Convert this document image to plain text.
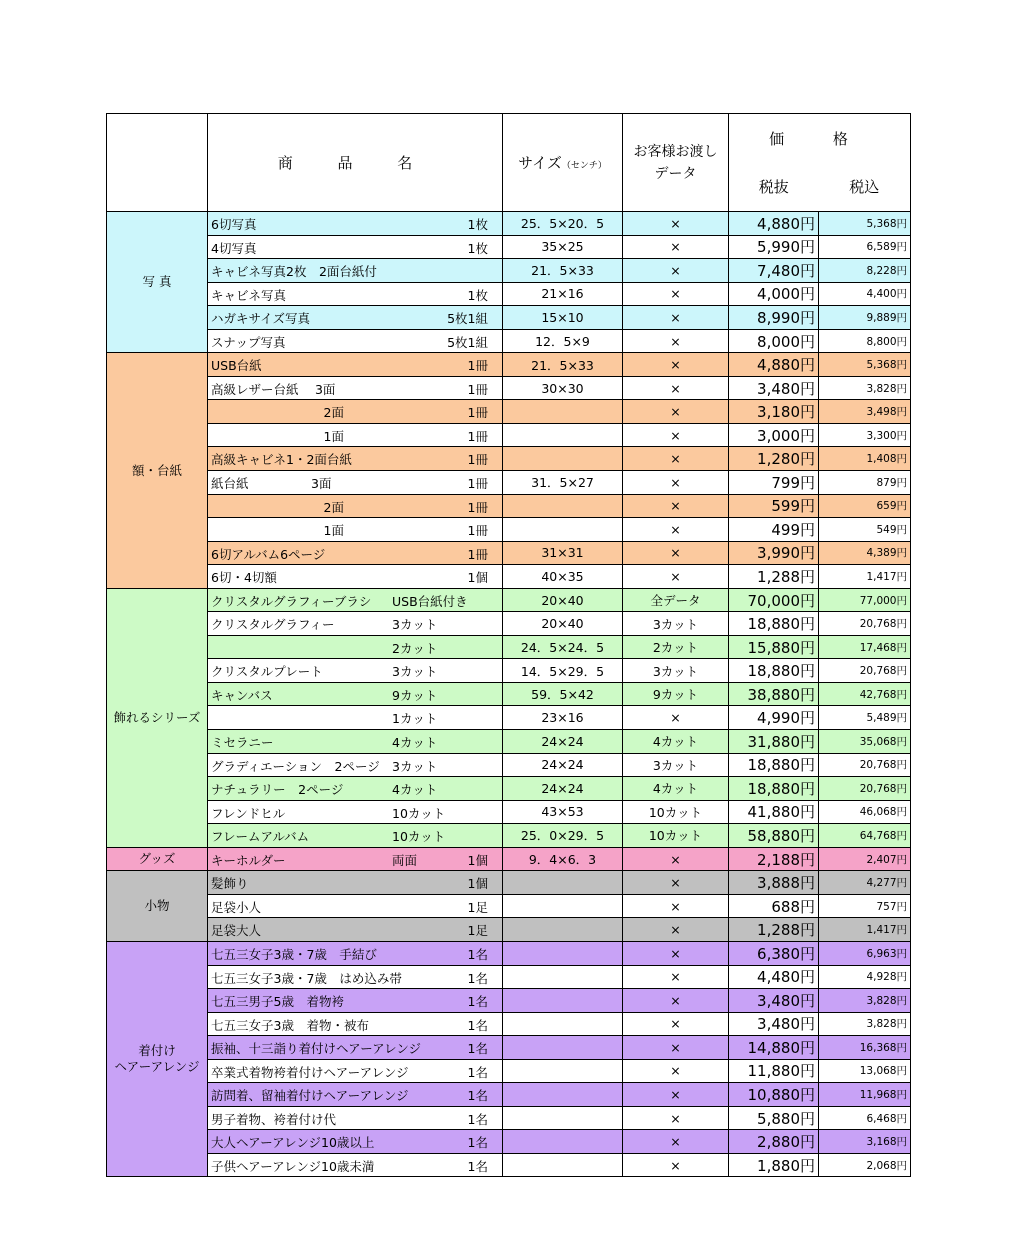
	商 品 名	サイズ（センチ）	お客様お渡し
データ	価 格	
				税抜	税込
写 真	6切写真 1枚	25．5×20．5	×	4,880円	5,368円

	4切写真 1枚	35×25	×	5,990円	6,589円

	キャビネ写真2枚　2面台紙付	21．5×33	×	7,480円	8,228円

	キャビネ写真 1枚	21×16	×	4,000円	4,400円

	ハガキサイズ写真 5枚1組	15×10	×	8,990円	9,889円

	スナップ写真 5枚1組	12．5×9	×	8,000円	8,800円
額・台紙	USB台紙 1冊	21．5×33	×	4,880円	5,368円

	高級レザー台紙　 3面 1冊	30×30	×	3,480円	3,828円

	　　　　　　　　　2面 1冊		×	3,180円	3,498円

	　　　　　　　　　1面 1冊		×	3,000円	3,300円

	高級キャビネ1・2面台紙 1冊		×	1,280円	1,408円

	紙台紙　　　　　3面 1冊	31．5×27	×	799円	879円

	　　　　　　　　　2面 1冊		×	599円	659円

	　　　　　　　　　1面 1冊		×	499円	549円

	6切アルバム6ページ 1冊	31×31	×	3,990円	4,389円

	6切・4切額 1個	40×35	×	1,288円	1,417円
飾れるシリーズ	クリスタルグラフィーブラシ USB台紙付き	20×40	全データ	70,000円	77,000円

	クリスタルグラフィー 3カット	20×40	3カット	18,880円	20,768円

	2カット	24．5×24．5	2カット	15,880円	17,468円

	クリスタルプレート 3カット	14．5×29．5	3カット	18,880円	20,768円

	キャンバス 9カット	59．5×42	9カット	38,880円	42,768円

	1カット	23×16	×	4,990円	5,489円

	ミセラニー 4カット	24×24	4カット	31,880円	35,068円

	グラディエーション　2ページ 3カット	24×24	3カット	18,880円	20,768円

	ナチュラリー　2ページ 4カット	24×24	4カット	18,880円	20,768円

	フレンドヒル 10カット	43×53	10カット	41,880円	46,068円

	フレームアルバム 10カット	25．0×29．5	10カット	58,880円	64,768円
グッズ	キーホルダー 両面 1個	9．4×6．3	×	2,188円	2,407円
小物	髪飾り 1個		×	3,888円	4,277円

	足袋小人 1足		×	688円	757円

	足袋大人 1足		×	1,288円	1,417円
着付け
ヘアーアレンジ	七五三女子3歳・7歳　手結び 1名		×	6,380円	6,963円

	七五三女子3歳・7歳　はめ込み帯 1名		×	4,480円	4,928円

	七五三男子5歳　着物袴 1名		×	3,480円	3,828円

	七五三女子3歳　着物・被布 1名		×	3,480円	3,828円

	振袖、十三詣り着付けヘアーアレンジ 1名		×	14,880円	16,368円

	卒業式着物袴着付けヘアーアレンジ 1名		×	11,880円	13,068円

	訪問着、留袖着付けヘアーアレンジ 1名		×	10,880円	11,968円

	男子着物、袴着付け代 1名		×	5,880円	6,468円

	大人ヘアーアレンジ10歳以上 1名		×	2,880円	3,168円

	子供ヘアーアレンジ10歳未満 1名		×	1,880円	2,068円
